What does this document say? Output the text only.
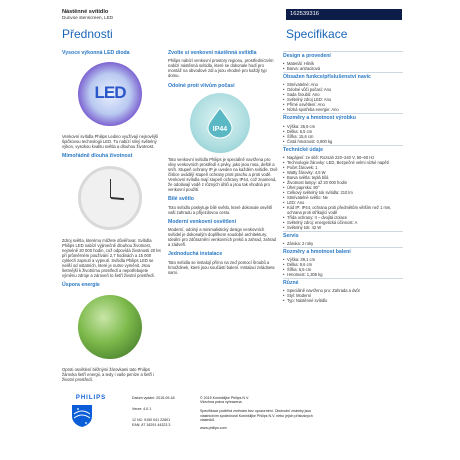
Nástěnné svítidlo
Dunvoe stenscreen, LED
162539316
Přednosti	Specifikace
Vysoce výkonná LED dioda
LED
Venkovní svítidla Philips Ledino využívají nejnovější špičkovou technologii LED. Tu nabízí silný světelný výkon, vysokou kvalitu světla a dlouhou životnost.
Mimořádně dlouhá životnost
Zdroj světla, kterému můžete důvěřovat. Svítidla Philips LED nabízí výjimečně dlouhou životnost, nejméně 20 000 hodin, což odpovídá životnosti 20 let při průměrném používání 2,7 hodinách a 15 000 cyklech zapnutí a vypnutí. Svítidla Philips LED se neliší od ostatních, které je nutno vyměnit. Jsou šetrnější k životnímu prostředí a nepotřebujete výměnu zdroje a zároveň to šetří životní prostředí.
Úspora energie
Oproti osvětlení běžnými žárovkami tato Philips žárovka šetří energii, a tedy i vaše peníze a šetří i životní prostředí.
Zvolte si venkovní nástěnná svítidla
Philips nabízí venkovní prostory regionu, prostředníctvím nabízí nástěnná svítidla, které se dokonale hodí pro montáž na obvodové zdi a jsou vhodné pro každý typ domu.
Odolné proti vlivům počasí
IP44
Tato venkovní svítidla Philips je speciálně navržena pro vlivy venkovních prostředí s prvky, jako jsou rosa, deště a sníh. Stupeň ochrany IP je uveden na každém svítidle. Dvě číslice uvádějí stupeň ochrany proti prachu a proti vodě. Venkovní svítidla mají stupeň ochrany IP44, což znamená, že odolávají vodě z různých úhlů a jsou tak vhodná pro venkovní použití.
Bílé světlo
Toto svítidlo poskytuje bílé světlo, které dokonale osvětlí vaši zahradu a příjezdovou cestu.
Moderní venkovní osvětlení
Moderní, odolný a minimalistický design venkovních svítidel je dokonalým doplňkem soudobé architektury. Ideální pro zdůraznění venkovních prvků a zahrad, zahrad a zádveří.
Jednoduchá instalace
Tato svítidla se instalují přímo na zeď pomocí šroubů a hmoždinek, které jsou součástí balení. Instalaci zvládnete sami.
Design a provedení
• Materiál: Hliník
• Barva: antracitová
Obsažen funkce/příslušenství navíc
• Stmívatelné: Ano
• Odolné vůči počasí: Ano
• Sada šroubů: Ano
• Světelný zdroj LED: Ano
• Přímé osvětlení: Ano
• Nízká spotřeba energie: Ano
Rozměry a hmotnost výrobku
• Výška: 35,9 cm
• Délka: 6,5 cm
• Šířka: 15,6 cm
• Čistá hmotnost: 0,900 kg
Technické údaje
• Napájení: ze sítě: Rozsah 220–240 V, 50–60 Hz
• Technologie žárovky: LED, Bezpečné velmi nízké napětí
• Počet žárovek: 1
• Watty žárovky: 4,5 W
• Barva světla: teplá bílá
• Životnost lampy: až 20 000 hodin
• Úhel paprsku: 80°
• Celkový světelný tok svítidla: 210 lm
• Stmívatelné světlo: Ne
• LED: Ano
• Kód IP: IP44, ochrana proti předmětům větším než 1 mm, ochrana proti stříkající vodě
• Třída ochrany: II – dvojitá izolace
• Světelný zdroj: energetická účinnost: A
• Světelný tok: 42 W
Servis
• Záruka: 2 roky
Rozměry a hmotnost balení
• Výška: 39,1 cm
• Délka: 9,6 cm
• Šířka: 6,5 cm
• Hmotnost: 1,305 kg
Různé
• Speciálně navrženo pro: Zahrada a dvůr
• Styl: Moderní
• Typ: Nástěnné svítidlo
PHILIPS	Datum vydání: 2015-09-18
Verze: 4.0.1
12 NC: 9150 041 22801
EAN: 87 18291 44323 3
© 2015 Koninklijke Philips N.V.
Všechna práva vyhrazena.
Specifikace podléhá změnám bez upozornění. Obchodní známky jsou vlastnictvím společnosti Koninklijke Philips N.V. nebo jejích příslušných vlastníků.
www.philips.com
